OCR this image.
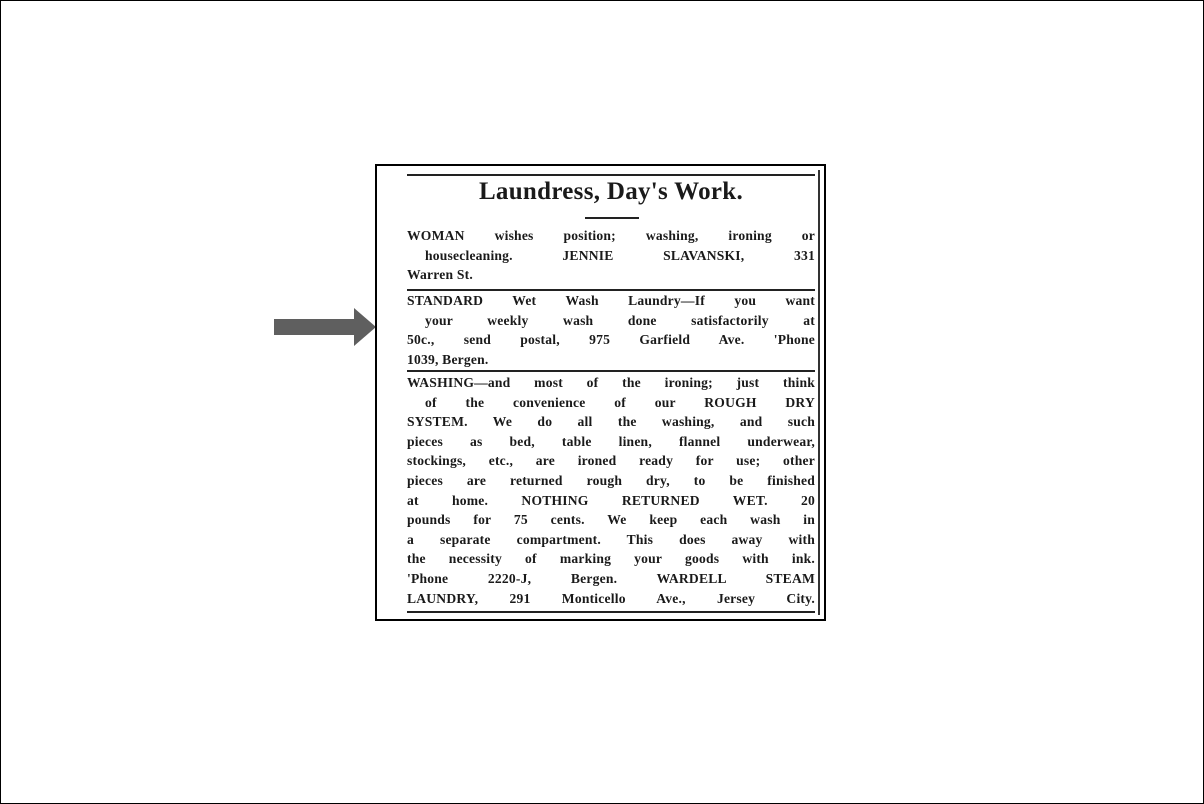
Laundress, Day's Work.
WOMAN wishes position; washing, ironing or
housecleaning. JENNIE SLAVANSKI, 331
Warren St.
STANDARD Wet Wash Laundry—If you want
your weekly wash done satisfactorily at
50c., send postal, 975 Garfield Ave. 'Phone
1039, Bergen.
WASHING—and most of the ironing; just think
of the convenience of our ROUGH DRY
SYSTEM. We do all the washing, and such
pieces as bed, table linen, flannel underwear,
stockings, etc., are ironed ready for use; other
pieces are returned rough dry, to be finished
at home. NOTHING RETURNED WET. 20
pounds for 75 cents. We keep each wash in
a separate compartment. This does away with
the necessity of marking your goods with ink.
'Phone 2220-J, Bergen. WARDELL STEAM
LAUNDRY, 291 Monticello Ave., Jersey City.
